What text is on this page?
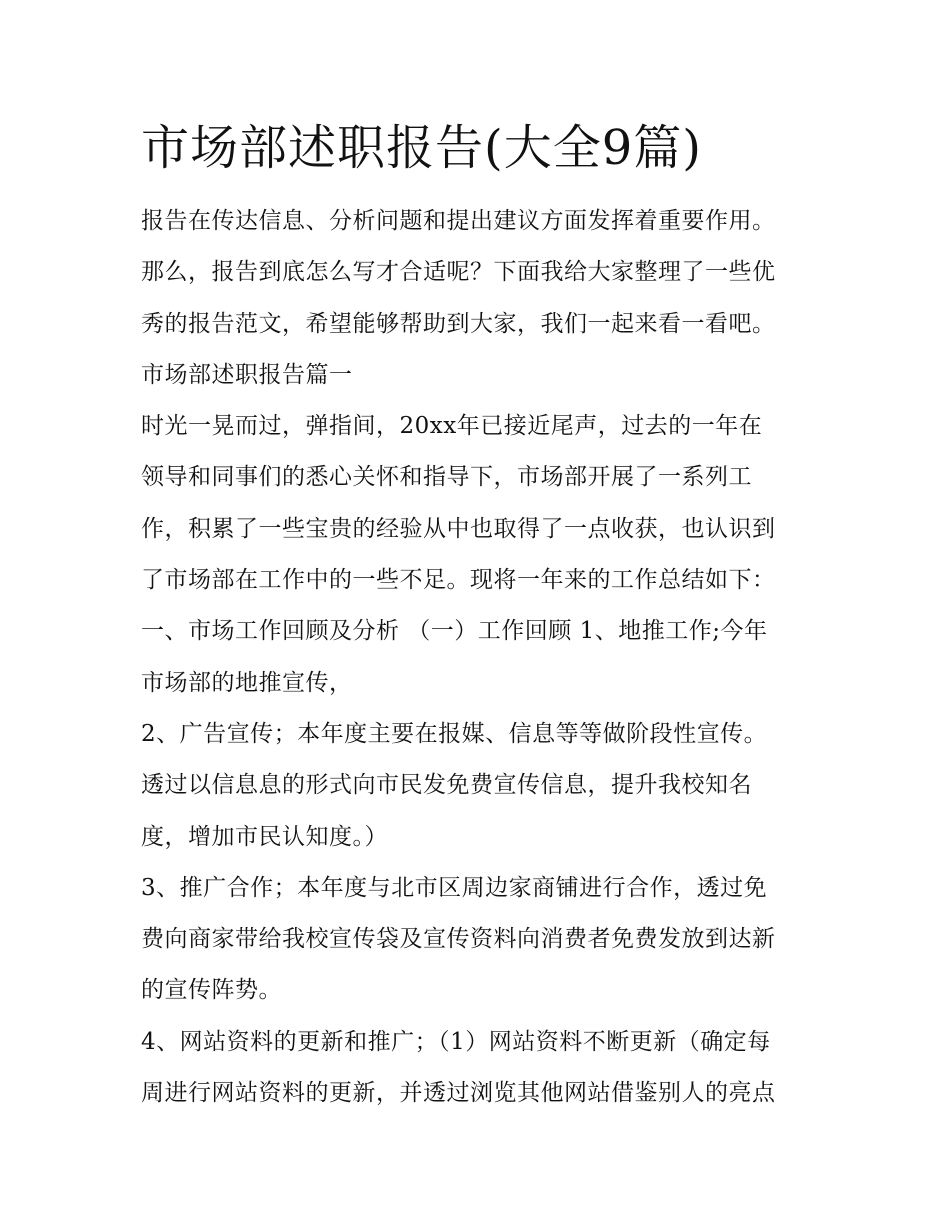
市场部述职报告(大全9篇)
报告在传达信息、分析问题和提出建议方面发挥着重要作用。
那么，报告到底怎么写才合适呢？下面我给大家整理了一些优
秀的报告范文，希望能够帮助到大家，我们一起来看一看吧。
市场部述职报告篇一
时光一晃而过，弹指间，20xx年已接近尾声，过去的一年在
领导和同事们的悉心关怀和指导下，市场部开展了一系列工
作，积累了一些宝贵的经验从中也取得了一点收获，也认识到
了市场部在工作中的一些不足。现将一年来的工作总结如下：
一、市场工作回顾及分析 （一）工作回顾 1、地推工作;今年
市场部的地推宣传，
2、广告宣传；本年度主要在报媒、信息等等做阶段性宣传。
透过以信息息的形式向市民发免费宣传信息，提升我校知名
度，增加市民认知度。）
3、推广合作；本年度与北市区周边家商铺进行合作，透过免
费向商家带给我校宣传袋及宣传资料向消费者免费发放到达新
的宣传阵势。
4、网站资料的更新和推广；（1）网站资料不断更新（确定每
周进行网站资料的更新，并透过浏览其他网站借鉴别人的亮点
